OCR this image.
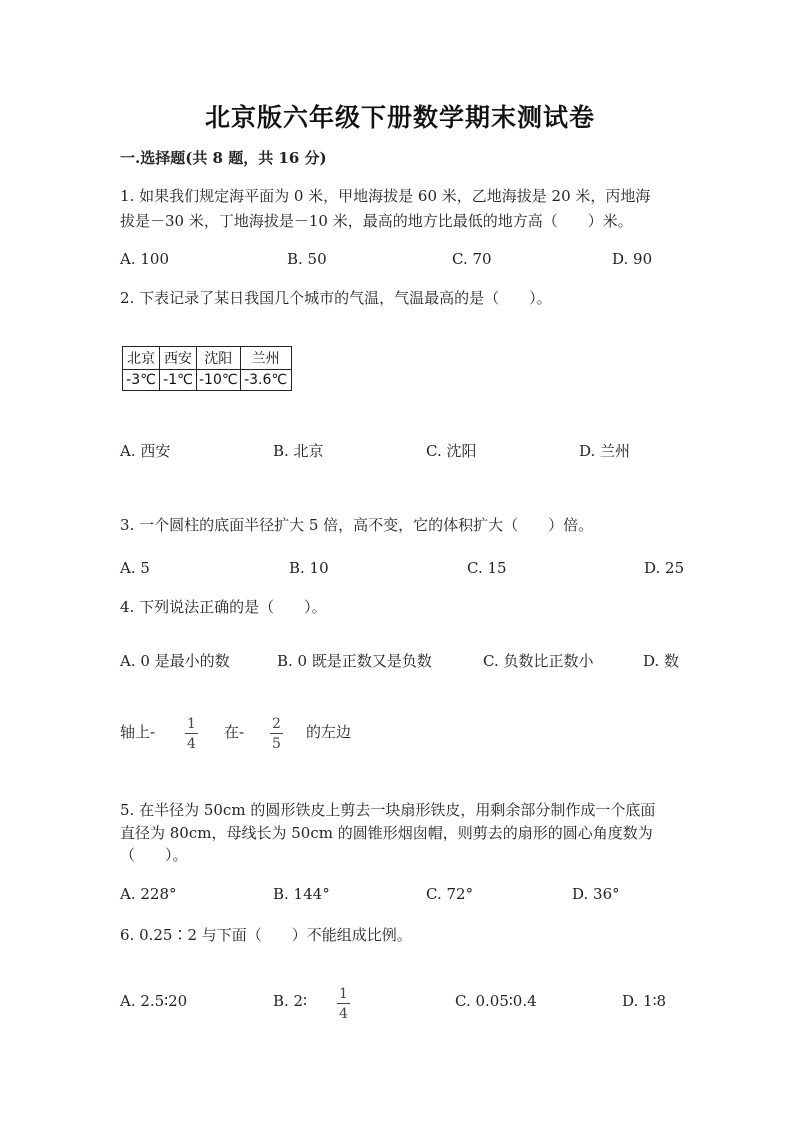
北京版六年级下册数学期末测试卷
一.选择题(共 8 题，共 16 分)
1. 如果我们规定海平面为 0 米，甲地海拔是 60 米，乙地海拔是 20 米，丙地海
拔是－30 米，丁地海拔是－10 米，最高的地方比最低的地方高（　　）米。
A. 100	B. 50	C. 70	D. 90
2. 下表记录了某日我国几个城市的气温，气温最高的是（　　）。
北京	西安	沈阳	兰州
-3℃	-1℃	-10℃	-3.6℃
A. 西安	B. 北京	C. 沈阳	D. 兰州
3. 一个圆柱的底面半径扩大 5 倍，高不变，它的体积扩大（　　）倍。
A. 5	B. 10	C. 15	D. 25
4. 下列说法正确的是（　　）。
A. 0 是最小的数	B. 0 既是正数又是负数	C. 负数比正数小	D. 数
轴上- $\frac{1}{4}$ 在- $\frac{2}{5}$ 的左边
5. 在半径为 50cm 的圆形铁皮上剪去一块扇形铁皮，用剩余部分制作成一个底面
直径为 80cm，母线长为 50cm 的圆锥形烟囱帽，则剪去的扇形的圆心角度数为
（　　）。
A. 228°	B. 144°	C. 72°	D. 36°
6. 0.25∶2 与下面（　　）不能组成比例。
A. 2.5∶20	B. 2∶ $\frac{1}{4}$	C. 0.05∶0.4	D. 1∶8
